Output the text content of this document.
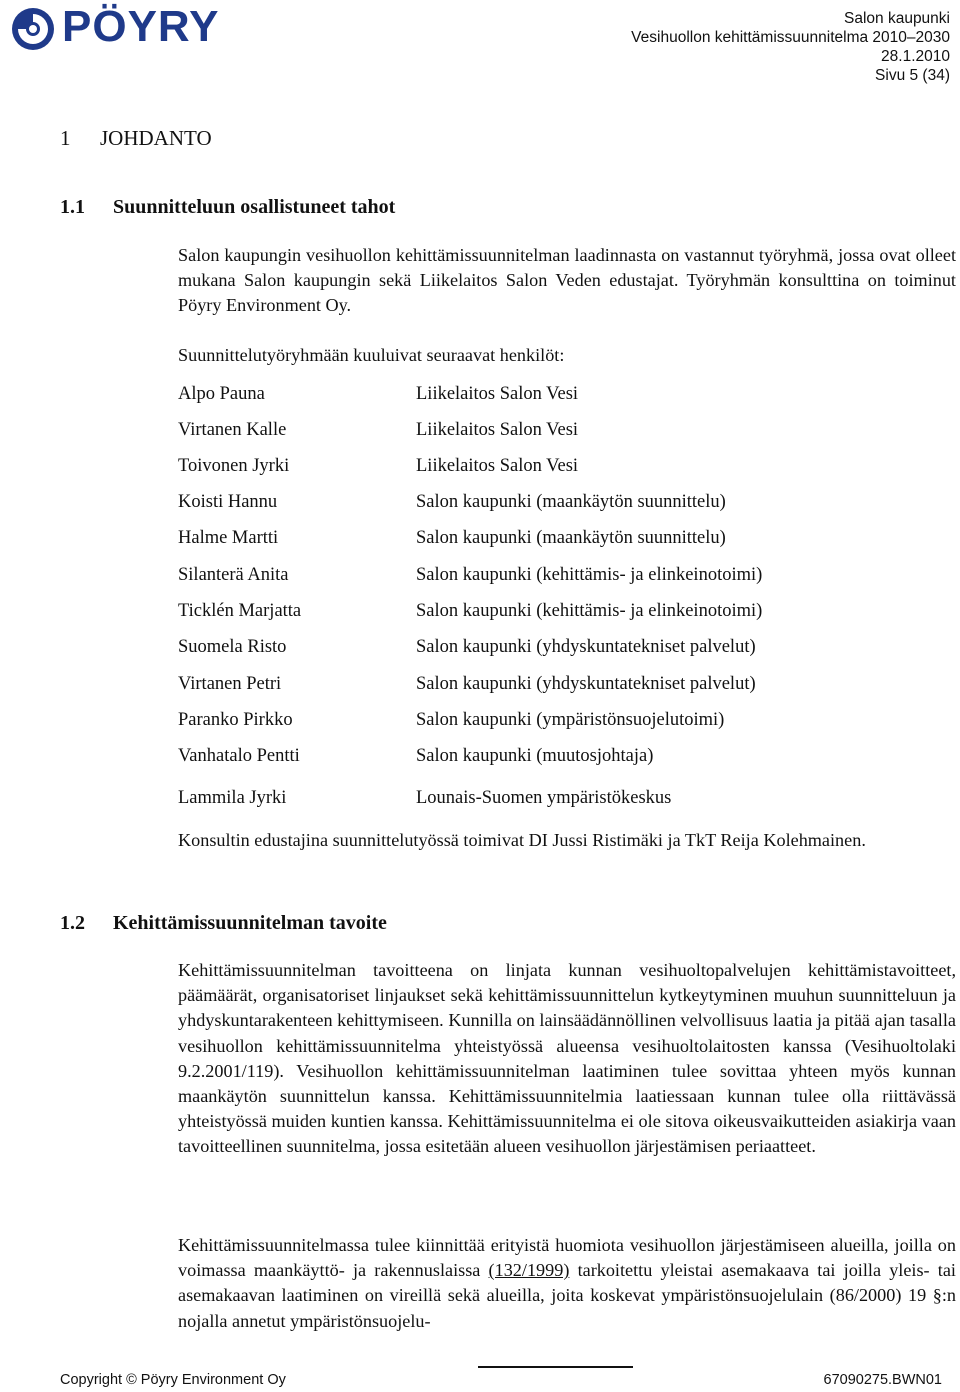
PÖYRY	Salon kaupunki
Vesihuollon kehittämissuunnitelma 2010–2030
28.1.2010
Sivu 5 (34)
1 JOHDANTO
1.1 Suunnitteluun osallistuneet tahot
Salon kaupungin vesihuollon kehittämissuunnitelman laadinnasta on vastannut työryhmä, jossa ovat olleet mukana Salon kaupungin sekä Liikelaitos Salon Veden edustajat. Työryhmän konsulttina on toiminut Pöyry Environment Oy.
Suunnittelutyöryhmään kuuluivat seuraavat henkilöt:
Alpo Pauna	Liikelaitos Salon Vesi
Virtanen Kalle	Liikelaitos Salon Vesi
Toivonen Jyrki	Liikelaitos Salon Vesi
Koisti Hannu	Salon kaupunki (maankäytön suunnittelu)
Halme Martti	Salon kaupunki (maankäytön suunnittelu)
Silanterä Anita	Salon kaupunki (kehittämis- ja elinkeinotoimi)
Ticklén Marjatta	Salon kaupunki (kehittämis- ja elinkeinotoimi)
Suomela Risto	Salon kaupunki (yhdyskuntatekniset palvelut)
Virtanen Petri	Salon kaupunki (yhdyskuntatekniset palvelut)
Paranko Pirkko	Salon kaupunki (ympäristönsuojelutoimi)
Vanhatalo Pentti	Salon kaupunki (muutosjohtaja)
Lammila Jyrki	Lounais-Suomen ympäristökeskus
Konsultin edustajina suunnittelutyössä toimivat DI Jussi Ristimäki ja TkT Reija Kolehmainen.
1.2 Kehittämissuunnitelman tavoite
Kehittämissuunnitelman tavoitteena on linjata kunnan vesihuoltopalvelujen kehittämistavoitteet, päämäärät, organisatoriset linjaukset sekä kehittämissuunnittelun kytkeytyminen muuhun suunnitteluun ja yhdyskuntarakenteen kehittymiseen. Kunnilla on lainsäädännöllinen velvollisuus laatia ja pitää ajan tasalla vesihuollon kehittämissuunnitelma yhteistyössä alueensa vesihuoltolaitosten kanssa (Vesihuoltolaki 9.2.2001/119). Vesihuollon kehittämissuunnitelman laatiminen tulee sovittaa yhteen myös kunnan maankäytön suunnittelun kanssa. Kehittämissuunnitelmia laatiessaan kunnan tulee olla riittävässä yhteistyössä muiden kuntien kanssa. Kehittämissuunnitelma ei ole sitova oikeusvaikutteiden asiakirja vaan tavoitteellinen suunnitelma, jossa esitetään alueen vesihuollon järjestämisen periaatteet.
Kehittämissuunnitelmassa tulee kiinnittää erityistä huomiota vesihuollon järjestämiseen alueilla, joilla on voimassa maankäyttö- ja rakennuslaissa (132/1999) tarkoitettu yleistai asemakaava tai joilla yleis- tai asemakaavan laatiminen on vireillä sekä alueilla, joita koskevat ympäristönsuojelulain (86/2000) 19 §:n nojalla annetut ympäristönsuojelu-
Copyright © Pöyry Environment Oy	67090275.BWN01
